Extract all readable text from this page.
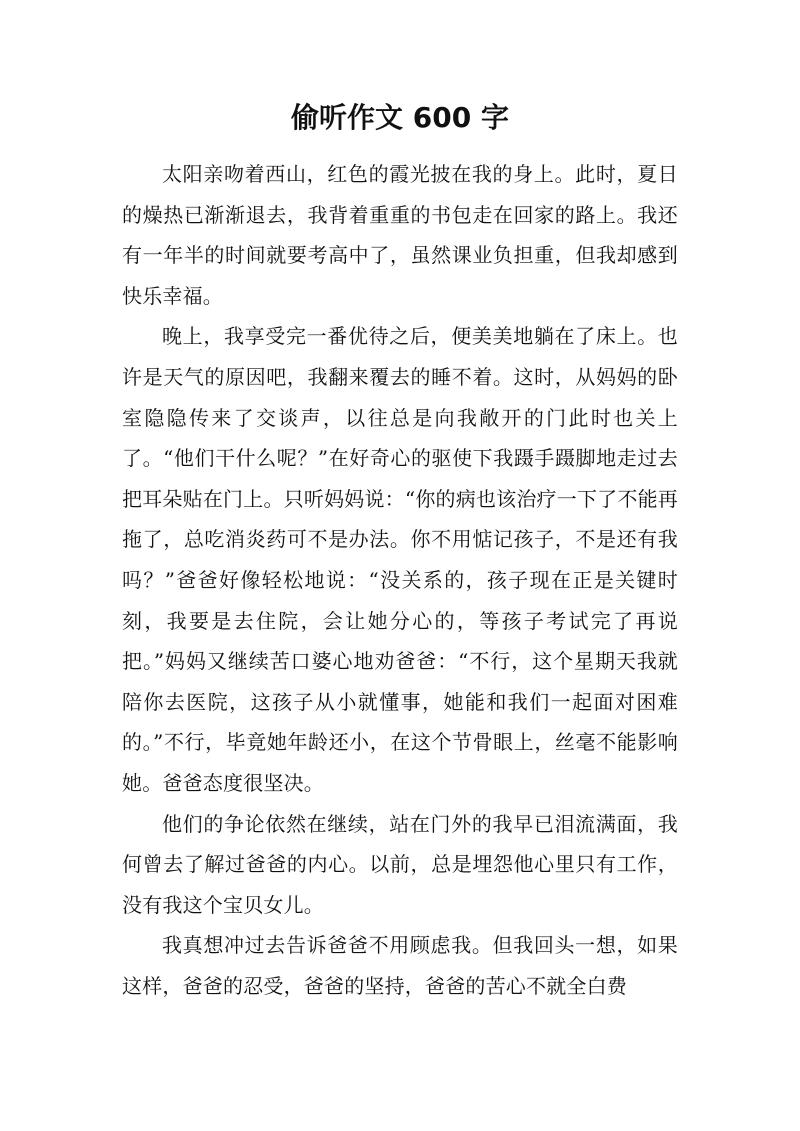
偷听作文 600 字

太阳亲吻着西山，红色的霞光披在我的身上。此时，夏日的燥热已渐渐退去，我背着重重的书包走在回家的路上。我还有一年半的时间就要考高中了，虽然课业负担重，但我却感到快乐幸福。

晚上，我享受完一番优待之后，便美美地躺在了床上。也许是天气的原因吧，我翻来覆去的睡不着。这时，从妈妈的卧室隐隐传来了交谈声，以往总是向我敞开的门此时也关上了。“他们干什么呢？”在好奇心的驱使下我蹑手蹑脚地走过去把耳朵贴在门上。只听妈妈说：“你的病也该治疗一下了不能再拖了，总吃消炎药可不是办法。你不用惦记孩子，不是还有我吗？”爸爸好像轻松地说：“没关系的，孩子现在正是关键时刻，我要是去住院，会让她分心的，等孩子考试完了再说把。”妈妈又继续苦口婆心地劝爸爸：“不行，这个星期天我就陪你去医院，这孩子从小就懂事，她能和我们一起面对困难的。”不行，毕竟她年龄还小，在这个节骨眼上，丝毫不能影响她。爸爸态度很坚决。

他们的争论依然在继续，站在门外的我早已泪流满面，我何曾去了解过爸爸的内心。以前，总是埋怨他心里只有工作，没有我这个宝贝女儿。

我真想冲过去告诉爸爸不用顾虑我。但我回头一想，如果这样，爸爸的忍受，爸爸的坚持，爸爸的苦心不就全白费
